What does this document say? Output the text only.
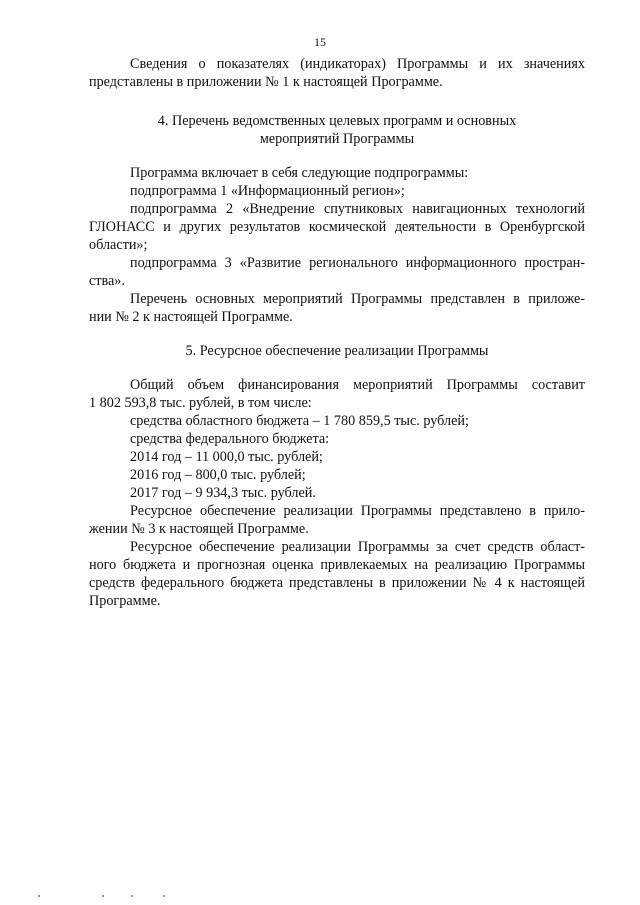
15

Сведения о показателях (индикаторах) Программы и их значениях

представлены в приложении № 1 к настоящей Программе.

4. Перечень ведомственных целевых программ и основных

мероприятий Программы

Программа включает в себя следующие подпрограммы:

подпрограмма 1 «Информационный регион»;

подпрограмма 2 «Внедрение спутниковых навигационных технологий

ГЛОНАСС и других результатов космической деятельности в Оренбургской

области»;

подпрограмма 3 «Развитие регионального информационного простран-

ства».

Перечень основных мероприятий Программы представлен в приложе-

нии № 2 к настоящей Программе.

5. Ресурсное обеспечение реализации Программы

Общий объем финансирования мероприятий Программы составит

1 802 593,8 тыс. рублей, в том числе:

средства областного бюджета – 1 780 859,5 тыс. рублей;

средства федерального бюджета:

2014 год – 11 000,0 тыс. рублей;

2016 год – 800,0 тыс. рублей;

2017 год – 9 934,3 тыс. рублей.

Ресурсное обеспечение реализации Программы представлено в прило-

жении № 3 к настоящей Программе.

Ресурсное обеспечение реализации Программы за счет средств област-

ного бюджета и прогнозная оценка привлекаемых на реализацию Программы

средств федерального бюджета представлены в приложении № 4 к настоящей

Программе.
